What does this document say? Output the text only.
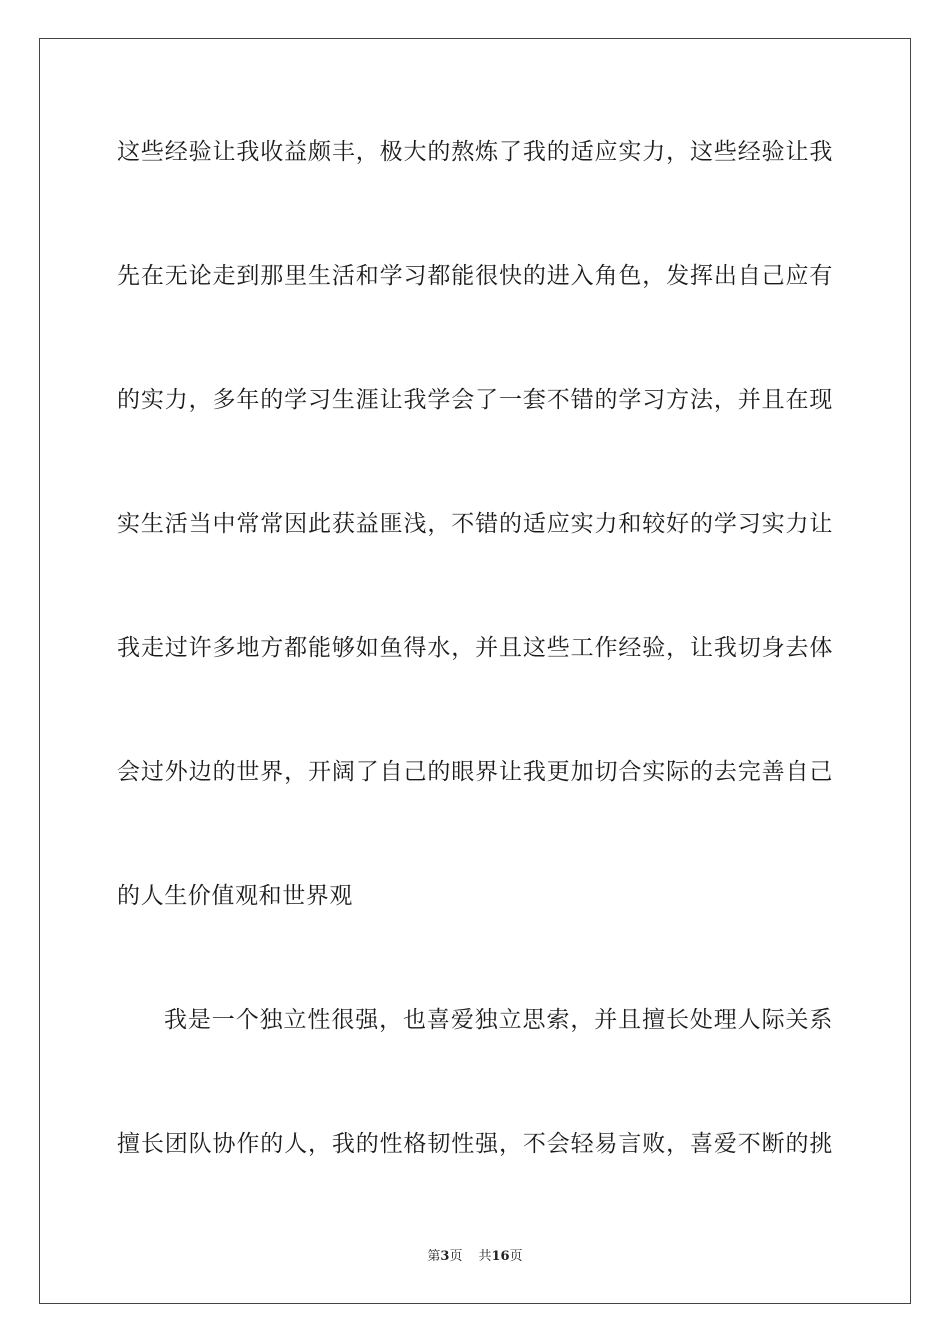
这些经验让我收益颇丰，极大的熬炼了我的适应实力，这些经验让我
先在无论走到那里生活和学习都能很快的进入角色，发挥出自己应有
的实力，多年的学习生涯让我学会了一套不错的学习方法，并且在现
实生活当中常常因此获益匪浅，不错的适应实力和较好的学习实力让
我走过许多地方都能够如鱼得水，并且这些工作经验，让我切身去体
会过外边的世界，开阔了自己的眼界让我更加切合实际的去完善自己
的人生价值观和世界观
我是一个独立性很强，也喜爱独立思索，并且擅长处理人际关系
擅长团队协作的人，我的性格韧性强，不会轻易言败，喜爱不断的挑
第3页 共16页
